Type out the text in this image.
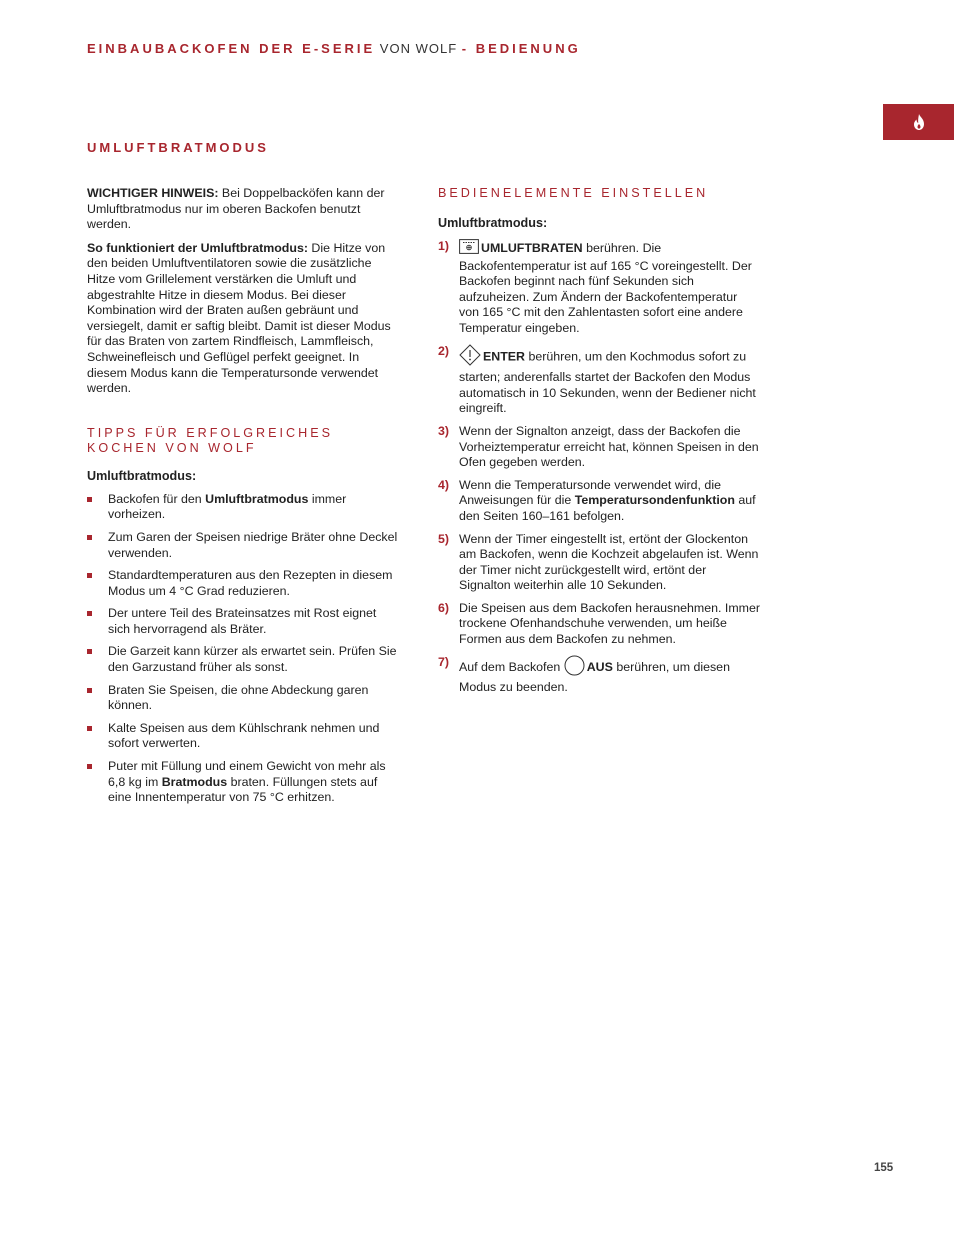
EINBAUBACKOFEN DER E-SERIE VON WOLF - BEDIENUNG
UMLUFTBRATMODUS

WICHTIGER HINWEIS: Bei Doppelbacköfen kann der Umluftbratmodus nur im oberen Backofen benutzt werden.

So funktioniert der Umluftbratmodus: Die Hitze von den beiden Umluftventilatoren sowie die zusätzliche Hitze vom Grillelement verstärken die Umluft und abgestrahlte Hitze in diesem Modus. Bei dieser Kombination wird der Braten außen gebräunt und versiegelt, damit er saftig bleibt. Damit ist dieser Modus für das Braten von zartem Rindfleisch, Lammfleisch, Schweinefleisch und Geflügel perfekt geeignet. In diesem Modus kann die Temperatursonde verwendet werden.

TIPPS FÜR ERFOLGREICHES KOCHEN VON WOLF
Umluftbratmodus:
Backofen für den Umluftbratmodus immer vorheizen.
Zum Garen der Speisen niedrige Bräter ohne Deckel verwenden.
Standardtemperaturen aus den Rezepten in diesem Modus um 4 °C Grad reduzieren.
Der untere Teil des Brateinsatzes mit Rost eignet sich hervorragend als Bräter.
Die Garzeit kann kürzer als erwartet sein. Prüfen Sie den Garzustand früher als sonst.
Braten Sie Speisen, die ohne Abdeckung garen können.
Kalte Speisen aus dem Kühlschrank nehmen und sofort verwerten.
Puter mit Füllung und einem Gewicht von mehr als 6,8 kg im Bratmodus braten. Füllungen stets auf eine Innentemperatur von 75 °C erhitzen.
BEDIENELEMENTE EINSTELLEN
Umluftbratmodus:
1)	UMLUFTBRATEN berühren. Die Backofentemperatur ist auf 165 °C voreingestellt. Der Backofen beginnt nach fünf Sekunden sich aufzuheizen. Zum Ändern der Backofentemperatur von 165 °C mit den Zahlentasten sofort eine andere Temperatur eingeben.
2)	ENTER berühren, um den Kochmodus sofort zu starten; anderenfalls startet der Backofen den Modus automatisch in 10 Sekunden, wenn der Bediener nicht eingreift.
3) Wenn der Signalton anzeigt, dass der Backofen die Vorheiztemperatur erreicht hat, können Speisen in den Ofen gegeben werden.
4) Wenn die Temperatursonde verwendet wird, die Anweisungen für die Temperatursondenfunktion auf den Seiten 160–161 befolgen.
5) Wenn der Timer eingestellt ist, ertönt der Glockenton am Backofen, wenn die Kochzeit abgelaufen ist. Wenn der Timer nicht zurückgestellt wird, ertönt der Signalton weiterhin alle 10 Sekunden.
6) Die Speisen aus dem Backofen herausnehmen. Immer trockene Ofenhandschuhe verwenden, um heiße Formen aus dem Backofen zu nehmen.
7) Auf dem Backofen AUS berühren, um diesen Modus zu beenden.
155
